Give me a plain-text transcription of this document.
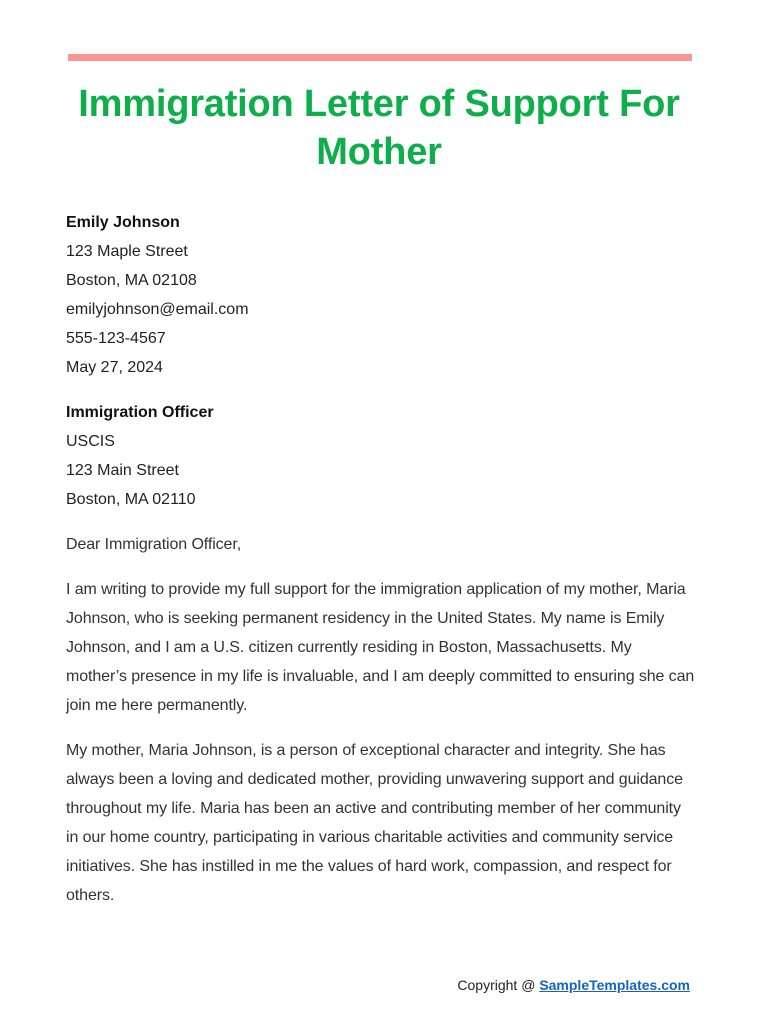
Immigration Letter of Support For Mother
Emily Johnson
123 Maple Street
Boston, MA 02108
emilyjohnson@email.com
555-123-4567
May 27, 2024
Immigration Officer
USCIS
123 Main Street
Boston, MA 02110

Dear Immigration Officer,

I am writing to provide my full support for the immigration application of my mother, Maria Johnson, who is seeking permanent residency in the United States. My name is Emily Johnson, and I am a U.S. citizen currently residing in Boston, Massachusetts. My mother’s presence in my life is invaluable, and I am deeply committed to ensuring she can join me here permanently.

My mother, Maria Johnson, is a person of exceptional character and integrity. She has always been a loving and dedicated mother, providing unwavering support and guidance throughout my life. Maria has been an active and contributing member of her community in our home country, participating in various charitable activities and community service initiatives. She has instilled in me the values of hard work, compassion, and respect for others.

Copyright @ SampleTemplates.com
